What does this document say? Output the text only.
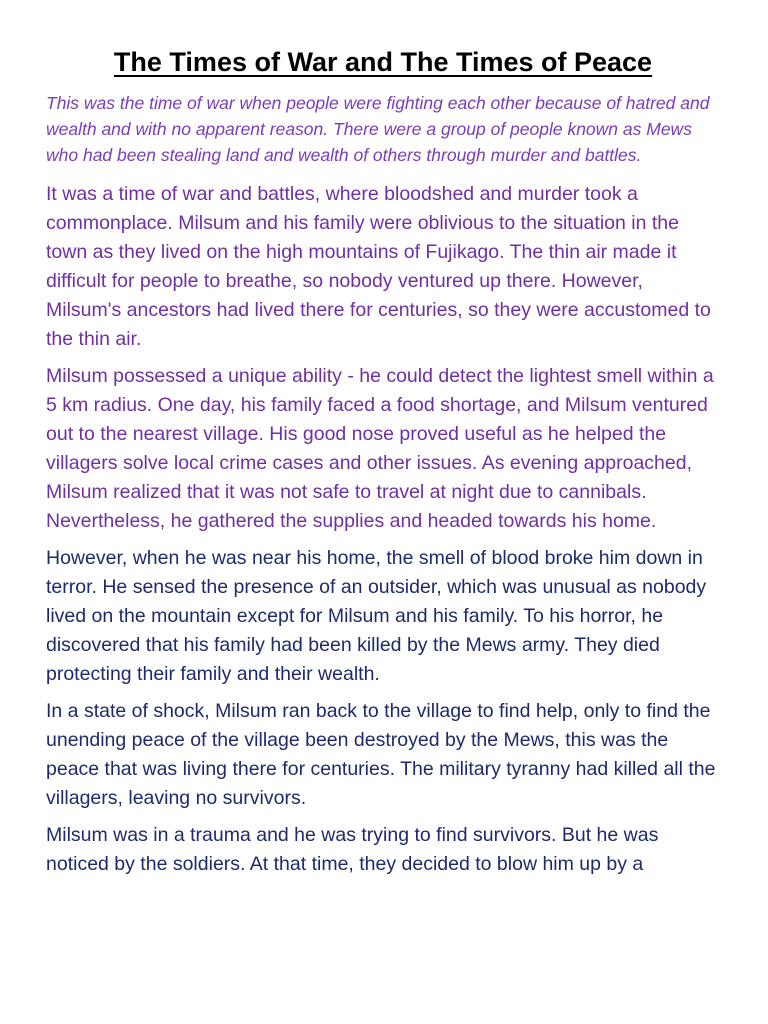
The Times of War and The Times of Peace

This was the time of war when people were fighting each other because of hatred and wealth and with no apparent reason. There were a group of people known as Mews who had been stealing land and wealth of others through murder and battles.

It was a time of war and battles, where bloodshed and murder took a commonplace. Milsum and his family were oblivious to the situation in the town as they lived on the high mountains of Fujikago. The thin air made it difficult for people to breathe, so nobody ventured up there. However, Milsum's ancestors had lived there for centuries, so they were accustomed to the thin air.

Milsum possessed a unique ability - he could detect the lightest smell within a 5 km radius. One day, his family faced a food shortage, and Milsum ventured out to the nearest village. His good nose proved useful as he helped the villagers solve local crime cases and other issues. As evening approached, Milsum realized that it was not safe to travel at night due to cannibals. Nevertheless, he gathered the supplies and headed towards his home.

However, when he was near his home, the smell of blood broke him down in terror. He sensed the presence of an outsider, which was unusual as nobody lived on the mountain except for Milsum and his family. To his horror, he discovered that his family had been killed by the Mews army. They died protecting their family and their wealth.

In a state of shock, Milsum ran back to the village to find help, only to find the unending peace of the village been destroyed by the Mews, this was the peace that was living there for centuries. The military tyranny had killed all the villagers, leaving no survivors.

Milsum was in a trauma and he was trying to find survivors. But he was noticed by the soldiers. At that time, they decided to blow him up by a
